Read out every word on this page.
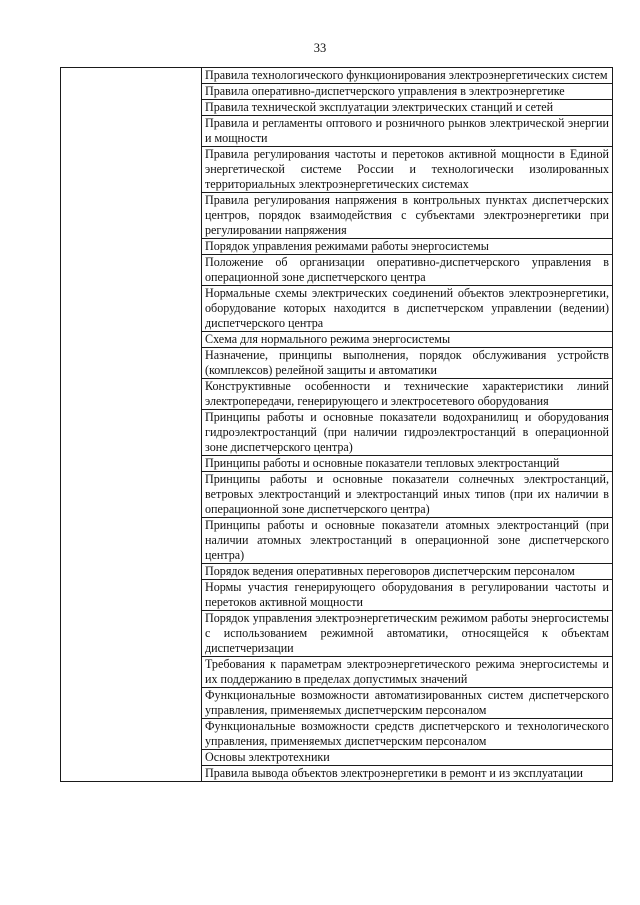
33
	Правила технологического функционирования электроэнергетических систем
Правила оперативно-диспетчерского управления в электроэнергетике
Правила технической эксплуатации электрических станций и сетей
Правила и регламенты оптового и розничного рынков электрической энергии и мощности
Правила регулирования частоты и перетоков активной мощности в Единой энергетической системе России и технологически изолированных территориальных электроэнергетических системах
Правила регулирования напряжения в контрольных пунктах диспетчерских центров, порядок взаимодействия с субъектами электроэнергетики при регулировании напряжения
Порядок управления режимами работы энергосистемы
Положение об организации оперативно-диспетчерского управления в операционной зоне диспетчерского центра
Нормальные схемы электрических соединений объектов электроэнергетики, оборудование которых находится в диспетчерском управлении (ведении) диспетчерского центра
Схема для нормального режима энергосистемы
Назначение, принципы выполнения, порядок обслуживания устройств (комплексов) релейной защиты и автоматики
Конструктивные особенности и технические характеристики линий электропередачи, генерирующего и электросетевого оборудования
Принципы работы и основные показатели водохранилищ и оборудования гидроэлектростанций (при наличии гидроэлектростанций в операционной зоне диспетчерского центра)
Принципы работы и основные показатели тепловых электростанций
Принципы работы и основные показатели солнечных электростанций, ветровых электростанций и электростанций иных типов (при их наличии в операционной зоне диспетчерского центра)
Принципы работы и основные показатели атомных электростанций (при наличии атомных электростанций в операционной зоне диспетчерского центра)
Порядок ведения оперативных переговоров диспетчерским персоналом
Нормы участия генерирующего оборудования в регулировании частоты и перетоков активной мощности
Порядок управления электроэнергетическим режимом работы энергосистемы с использованием режимной автоматики, относящейся к объектам диспетчеризации
Требования к параметрам электроэнергетического режима энергосистемы и их поддержанию в пределах допустимых значений
Функциональные возможности автоматизированных систем диспетчерского управления, применяемых диспетчерским персоналом
Функциональные возможности средств диспетчерского и технологического управления, применяемых диспетчерским персоналом
Основы электротехники
Правила вывода объектов электроэнергетики в ремонт и из эксплуатации
